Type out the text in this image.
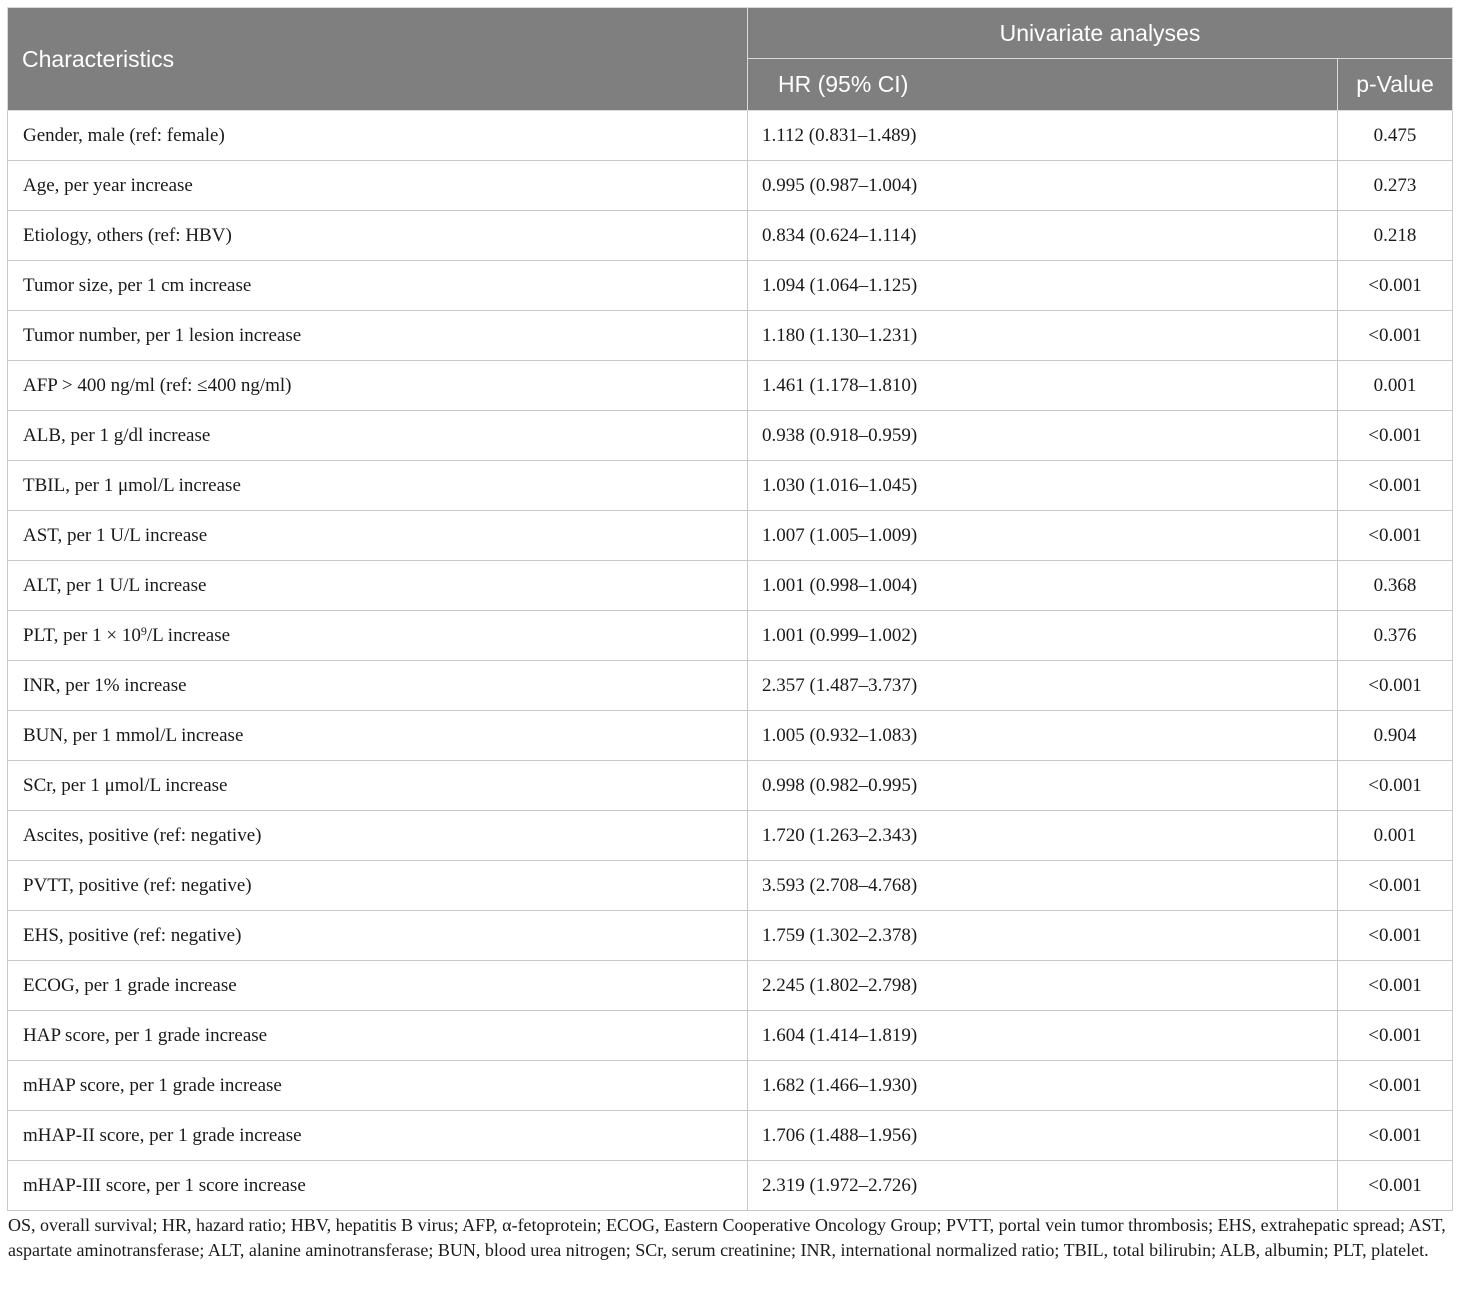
Characteristics	Univariate analyses	
	HR (95% CI)	p-Value
Gender, male (ref: female)	1.112 (0.831–1.489)	0.475
Age, per year increase	0.995 (0.987–1.004)	0.273
Etiology, others (ref: HBV)	0.834 (0.624–1.114)	0.218
Tumor size, per 1 cm increase	1.094 (1.064–1.125)	<0.001
Tumor number, per 1 lesion increase	1.180 (1.130–1.231)	<0.001
AFP > 400 ng/ml (ref: ≤400 ng/ml)	1.461 (1.178–1.810)	0.001
ALB, per 1 g/dl increase	0.938 (0.918–0.959)	<0.001
TBIL, per 1 μmol/L increase	1.030 (1.016–1.045)	<0.001
AST, per 1 U/L increase	1.007 (1.005–1.009)	<0.001
ALT, per 1 U/L increase	1.001 (0.998–1.004)	0.368
PLT, per $1 \times 10^9/L$ increase	1.001 (0.999–1.002)	0.376
INR, per 1% increase	2.357 (1.487–3.737)	<0.001
BUN, per 1 mmol/L increase	1.005 (0.932–1.083)	0.904
SCr, per 1 μmol/L increase	0.998 (0.982–0.995)	<0.001
Ascites, positive (ref: negative)	1.720 (1.263–2.343)	0.001
PVTT, positive (ref: negative)	3.593 (2.708–4.768)	<0.001
EHS, positive (ref: negative)	1.759 (1.302–2.378)	<0.001
ECOG, per 1 grade increase	2.245 (1.802–2.798)	<0.001
HAP score, per 1 grade increase	1.604 (1.414–1.819)	<0.001
mHAP score, per 1 grade increase	1.682 (1.466–1.930)	<0.001
mHAP-II score, per 1 grade increase	1.706 (1.488–1.956)	<0.001
mHAP-III score, per 1 score increase	2.319 (1.972–2.726)	<0.001

OS, overall survival; HR, hazard ratio; HBV, hepatitis B virus; AFP, α-fetoprotein; ECOG, Eastern Cooperative Oncology Group; PVTT, portal vein tumor thrombosis; EHS, extrahepatic spread; AST, aspartate aminotransferase; ALT, alanine aminotransferase; BUN, blood urea nitrogen; SCr, serum creatinine; INR, international normalized ratio; TBIL, total bilirubin; ALB, albumin; PLT, platelet.
